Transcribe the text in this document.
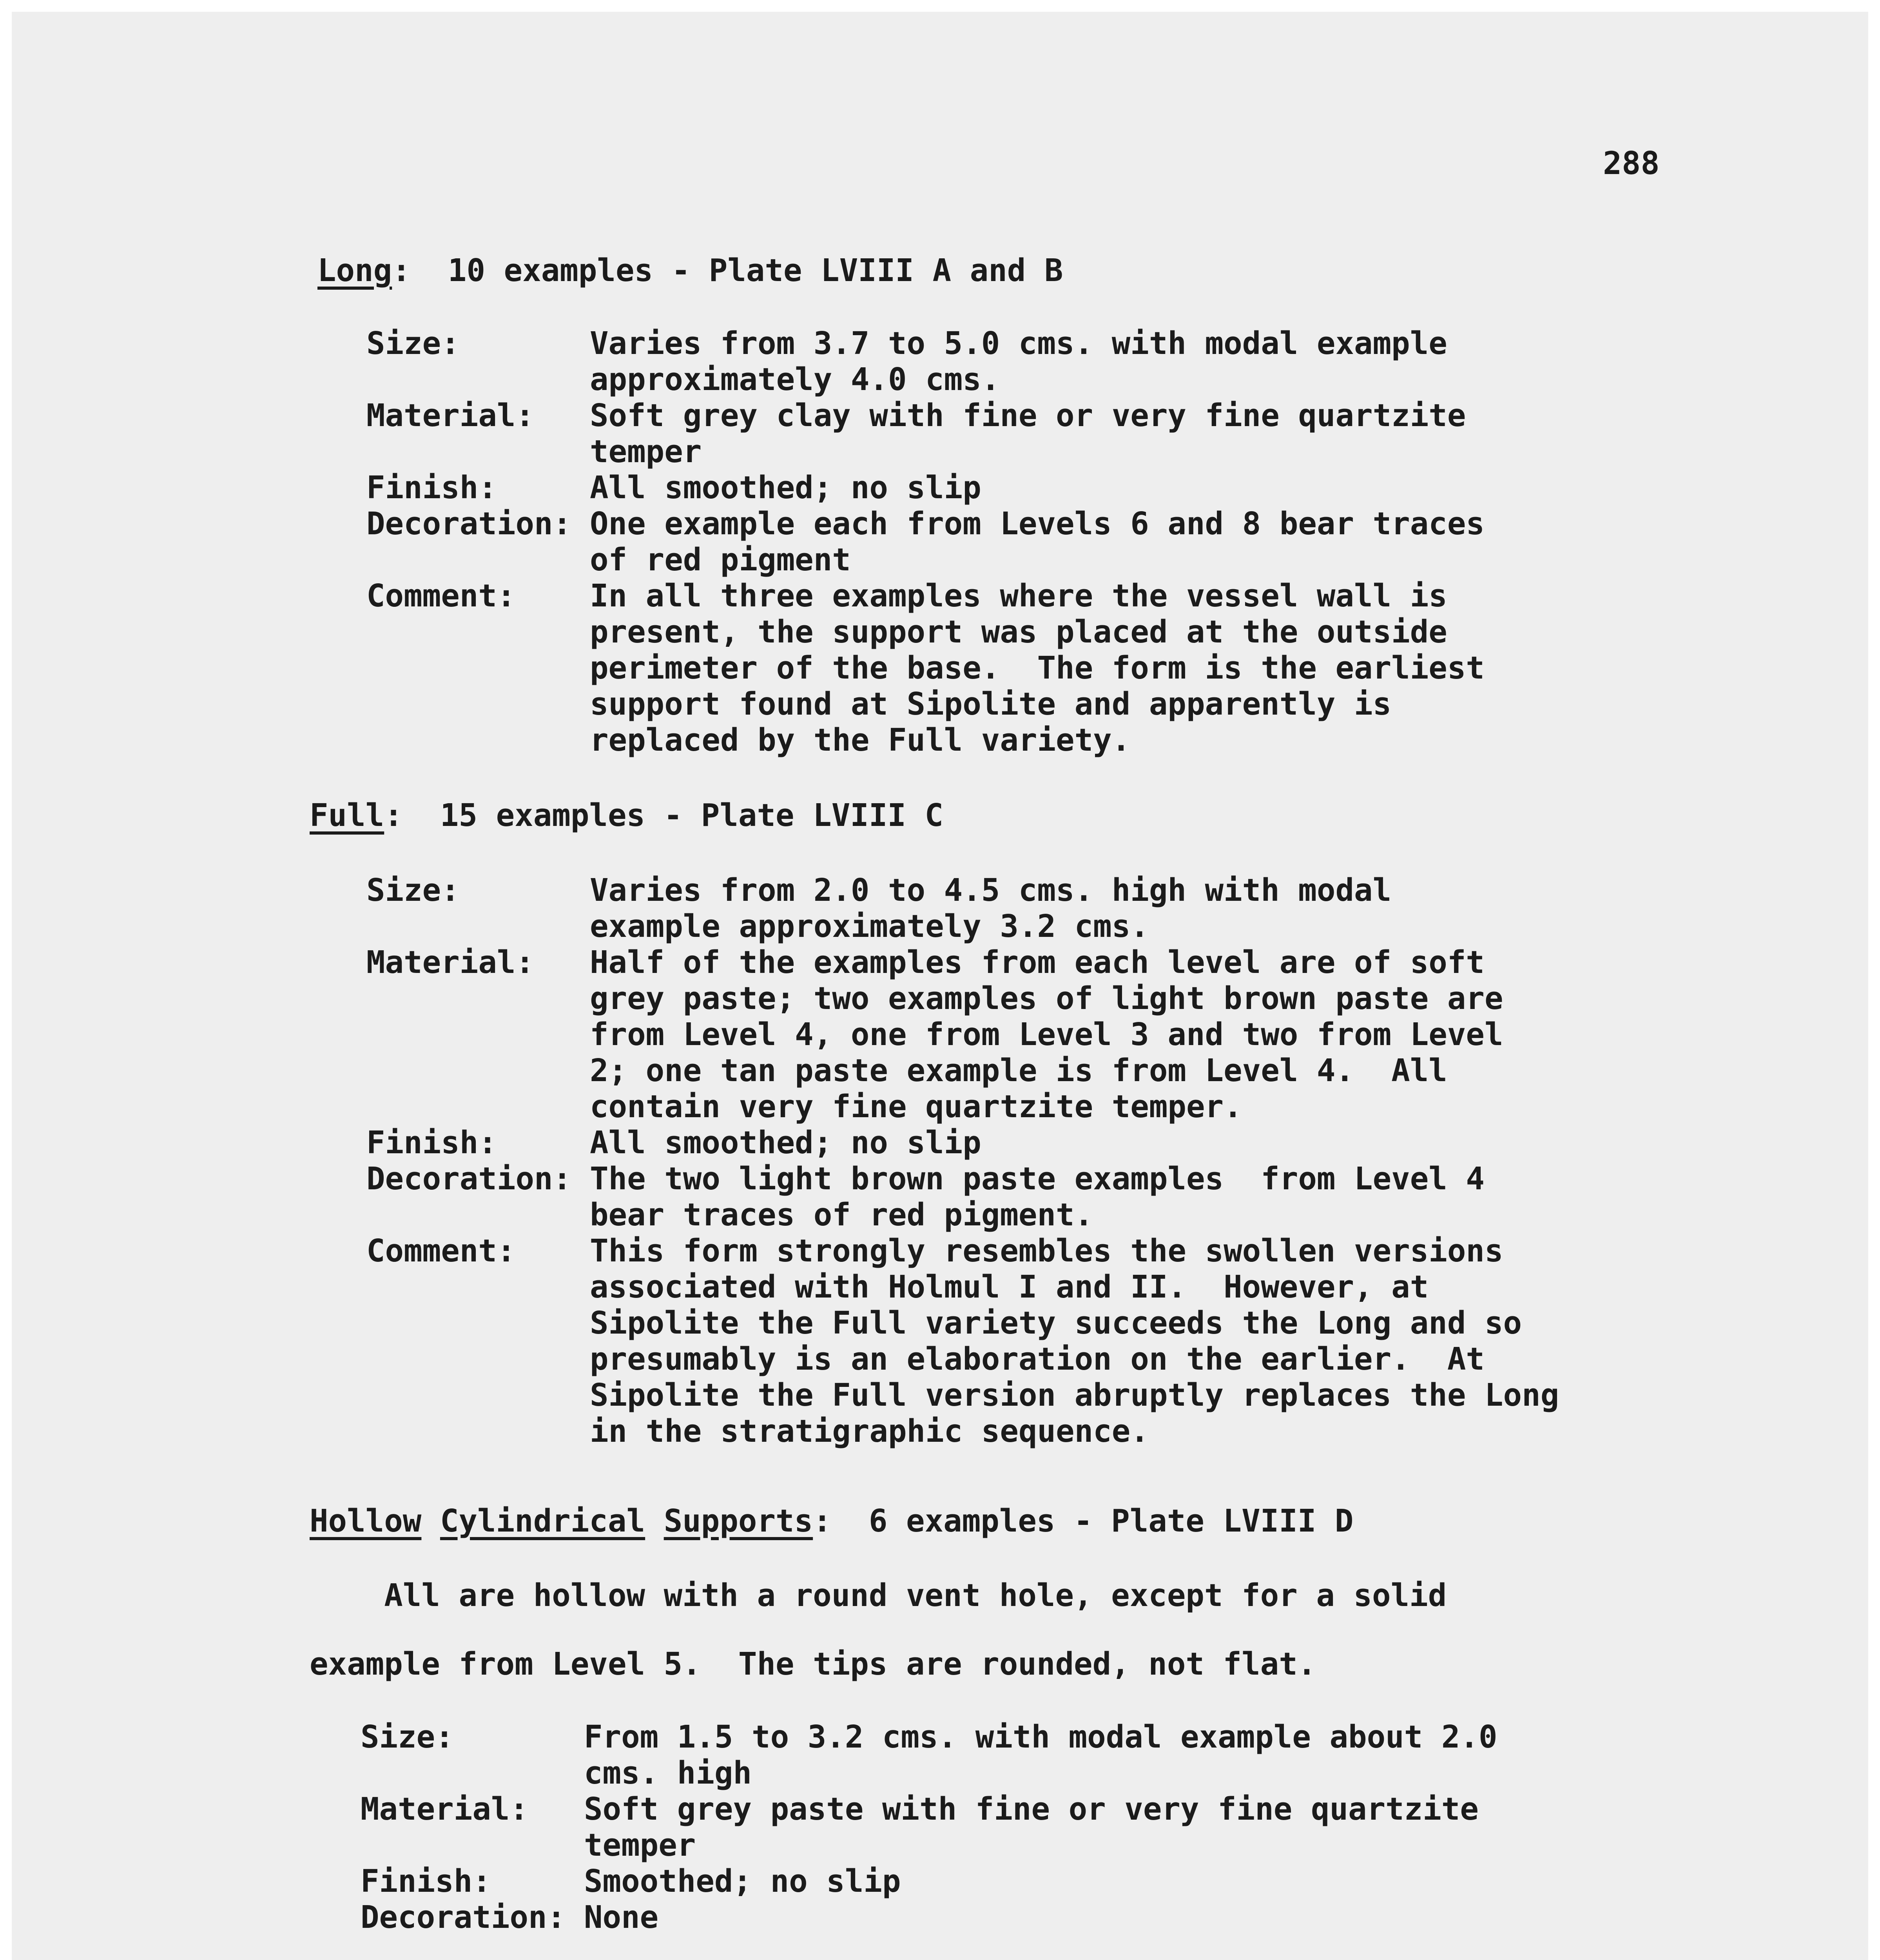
288
Long:  10 examples - Plate LVIII A and B
Size:	Varies from 3.7 to 5.0 cms. with modal example
approximately 4.0 cms.
Material:	Soft grey clay with fine or very fine quartzite
temper
Finish:	All smoothed; no slip
Decoration: One example each from Levels 6 and 8 bear traces
of red pigment
Comment:	In all three examples where the vessel wall is
present, the support was placed at the outside
perimeter of the base.  The form is the earliest
support found at Sipolite and apparently is
replaced by the Full variety.
Full:  15 examples - Plate LVIII C
Size:	Varies from 2.0 to 4.5 cms. high with modal
example approximately 3.2 cms.
Material:	Half of the examples from each level are of soft
grey paste; two examples of light brown paste are
from Level 4, one from Level 3 and two from Level
2; one tan paste example is from Level 4.  All
contain very fine quartzite temper.
Finish:	All smoothed; no slip
Decoration: The two light brown paste examples  from Level 4
bear traces of red pigment.
Comment:	This form strongly resembles the swollen versions
associated with Holmul I and II.  However, at
Sipolite the Full variety succeeds the Long and so
presumably is an elaboration on the earlier.  At
Sipolite the Full version abruptly replaces the Long
in the stratigraphic sequence.
Hollow Cylindrical Supports:  6 examples - Plate LVIII D
All are hollow with a round vent hole, except for a solid
example from Level 5.  The tips are rounded, not flat.
Size:	From 1.5 to 3.2 cms. with modal example about 2.0
cms. high
Material:	Soft grey paste with fine or very fine quartzite
temper
Finish:	Smoothed; no slip
Decoration: None
